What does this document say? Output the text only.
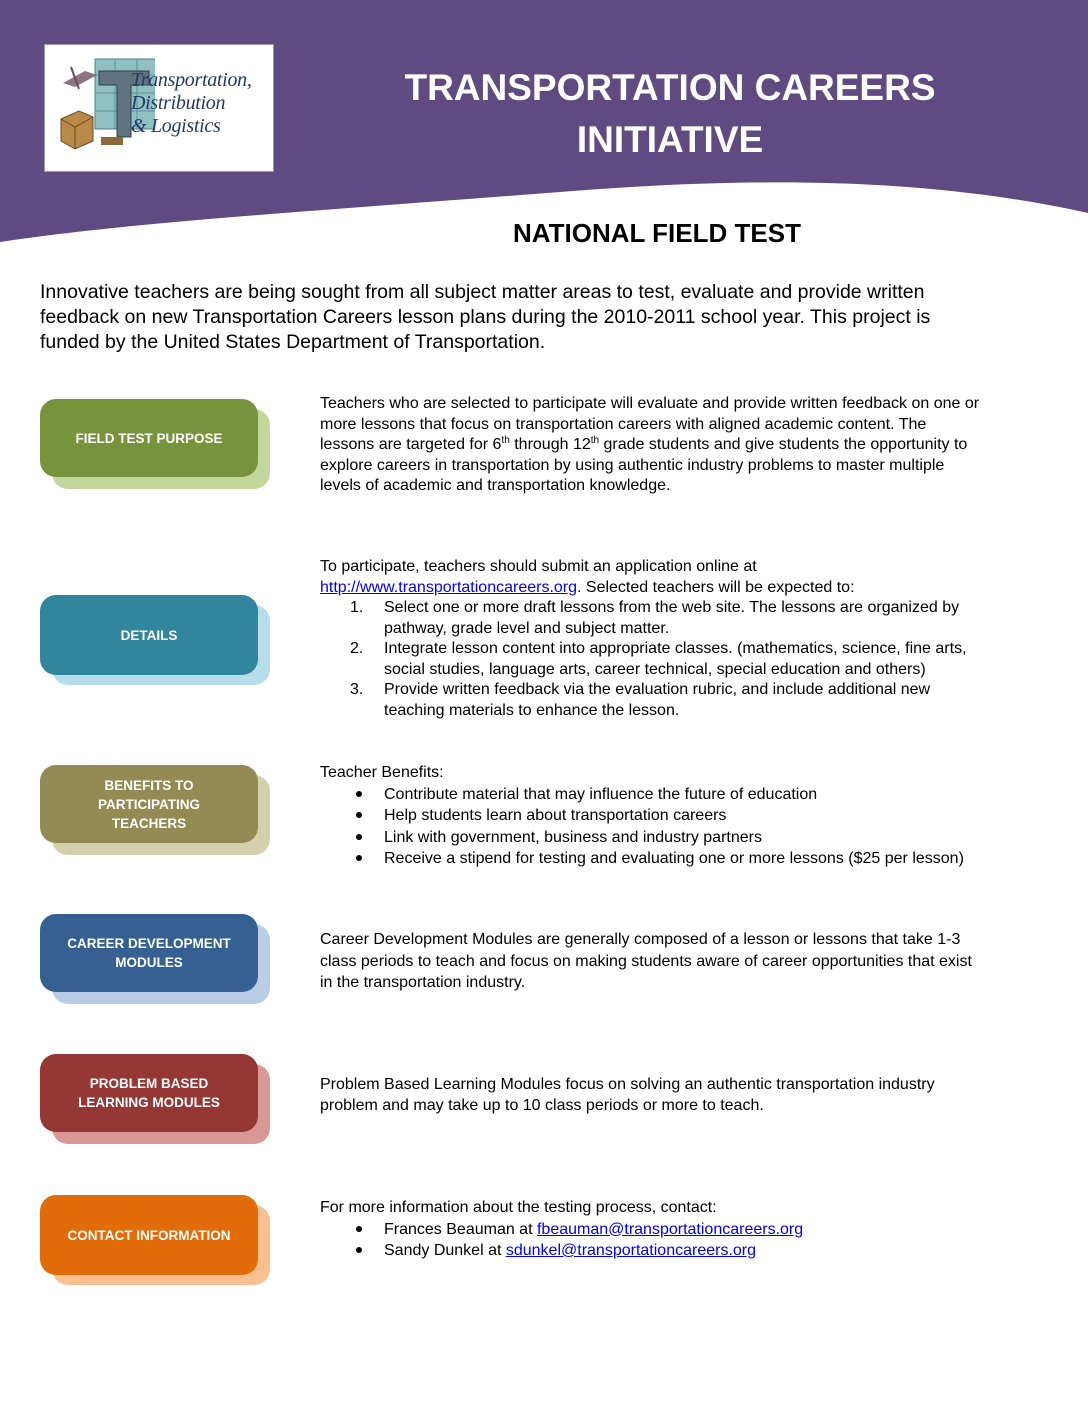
Transportation,
Distribution
& Logistics
TRANSPORTATION CAREERS
INITIATIVE
NATIONAL FIELD TEST
Innovative teachers are being sought from all subject matter areas to test, evaluate and provide written
feedback on new Transportation Careers lesson plans during the 2010-2011 school year. This project is
funded by the United States Department of Transportation.
FIELD TEST PURPOSE
Teachers who are selected to participate will evaluate and provide written feedback on one or
more lessons that focus on transportation careers with aligned academic content. The
lessons are targeted for 6th through 12th grade students and give students the opportunity to
explore careers in transportation by using authentic industry problems to master multiple
levels of academic and transportation knowledge.
DETAILS
To participate, teachers should submit an application online at
http://www.transportationcareers.org. Selected teachers will be expected to:
1.	Select one or more draft lessons from the web site. The lessons are organized by
pathway, grade level and subject matter.
2.	Integrate lesson content into appropriate classes. (mathematics, science, fine arts,
social studies, language arts, career technical, special education and others)
3.	Provide written feedback via the evaluation rubric, and include additional new
teaching materials to enhance the lesson.
BENEFITS TO
PARTICIPATING
TEACHERS
Teacher Benefits:
Contribute material that may influence the future of education
Help students learn about transportation careers
Link with government, business and industry partners
Receive a stipend for testing and evaluating one or more lessons ($25 per lesson)
CAREER DEVELOPMENT
MODULES
Career Development Modules are generally composed of a lesson or lessons that take 1-3
class periods to teach and focus on making students aware of career opportunities that exist
in the transportation industry.
PROBLEM BASED
LEARNING MODULES
Problem Based Learning Modules focus on solving an authentic transportation industry
problem and may take up to 10 class periods or more to teach.
CONTACT INFORMATION
For more information about the testing process, contact:
Frances Beauman at fbeauman@transportationcareers.org
Sandy Dunkel at sdunkel@transportationcareers.org
